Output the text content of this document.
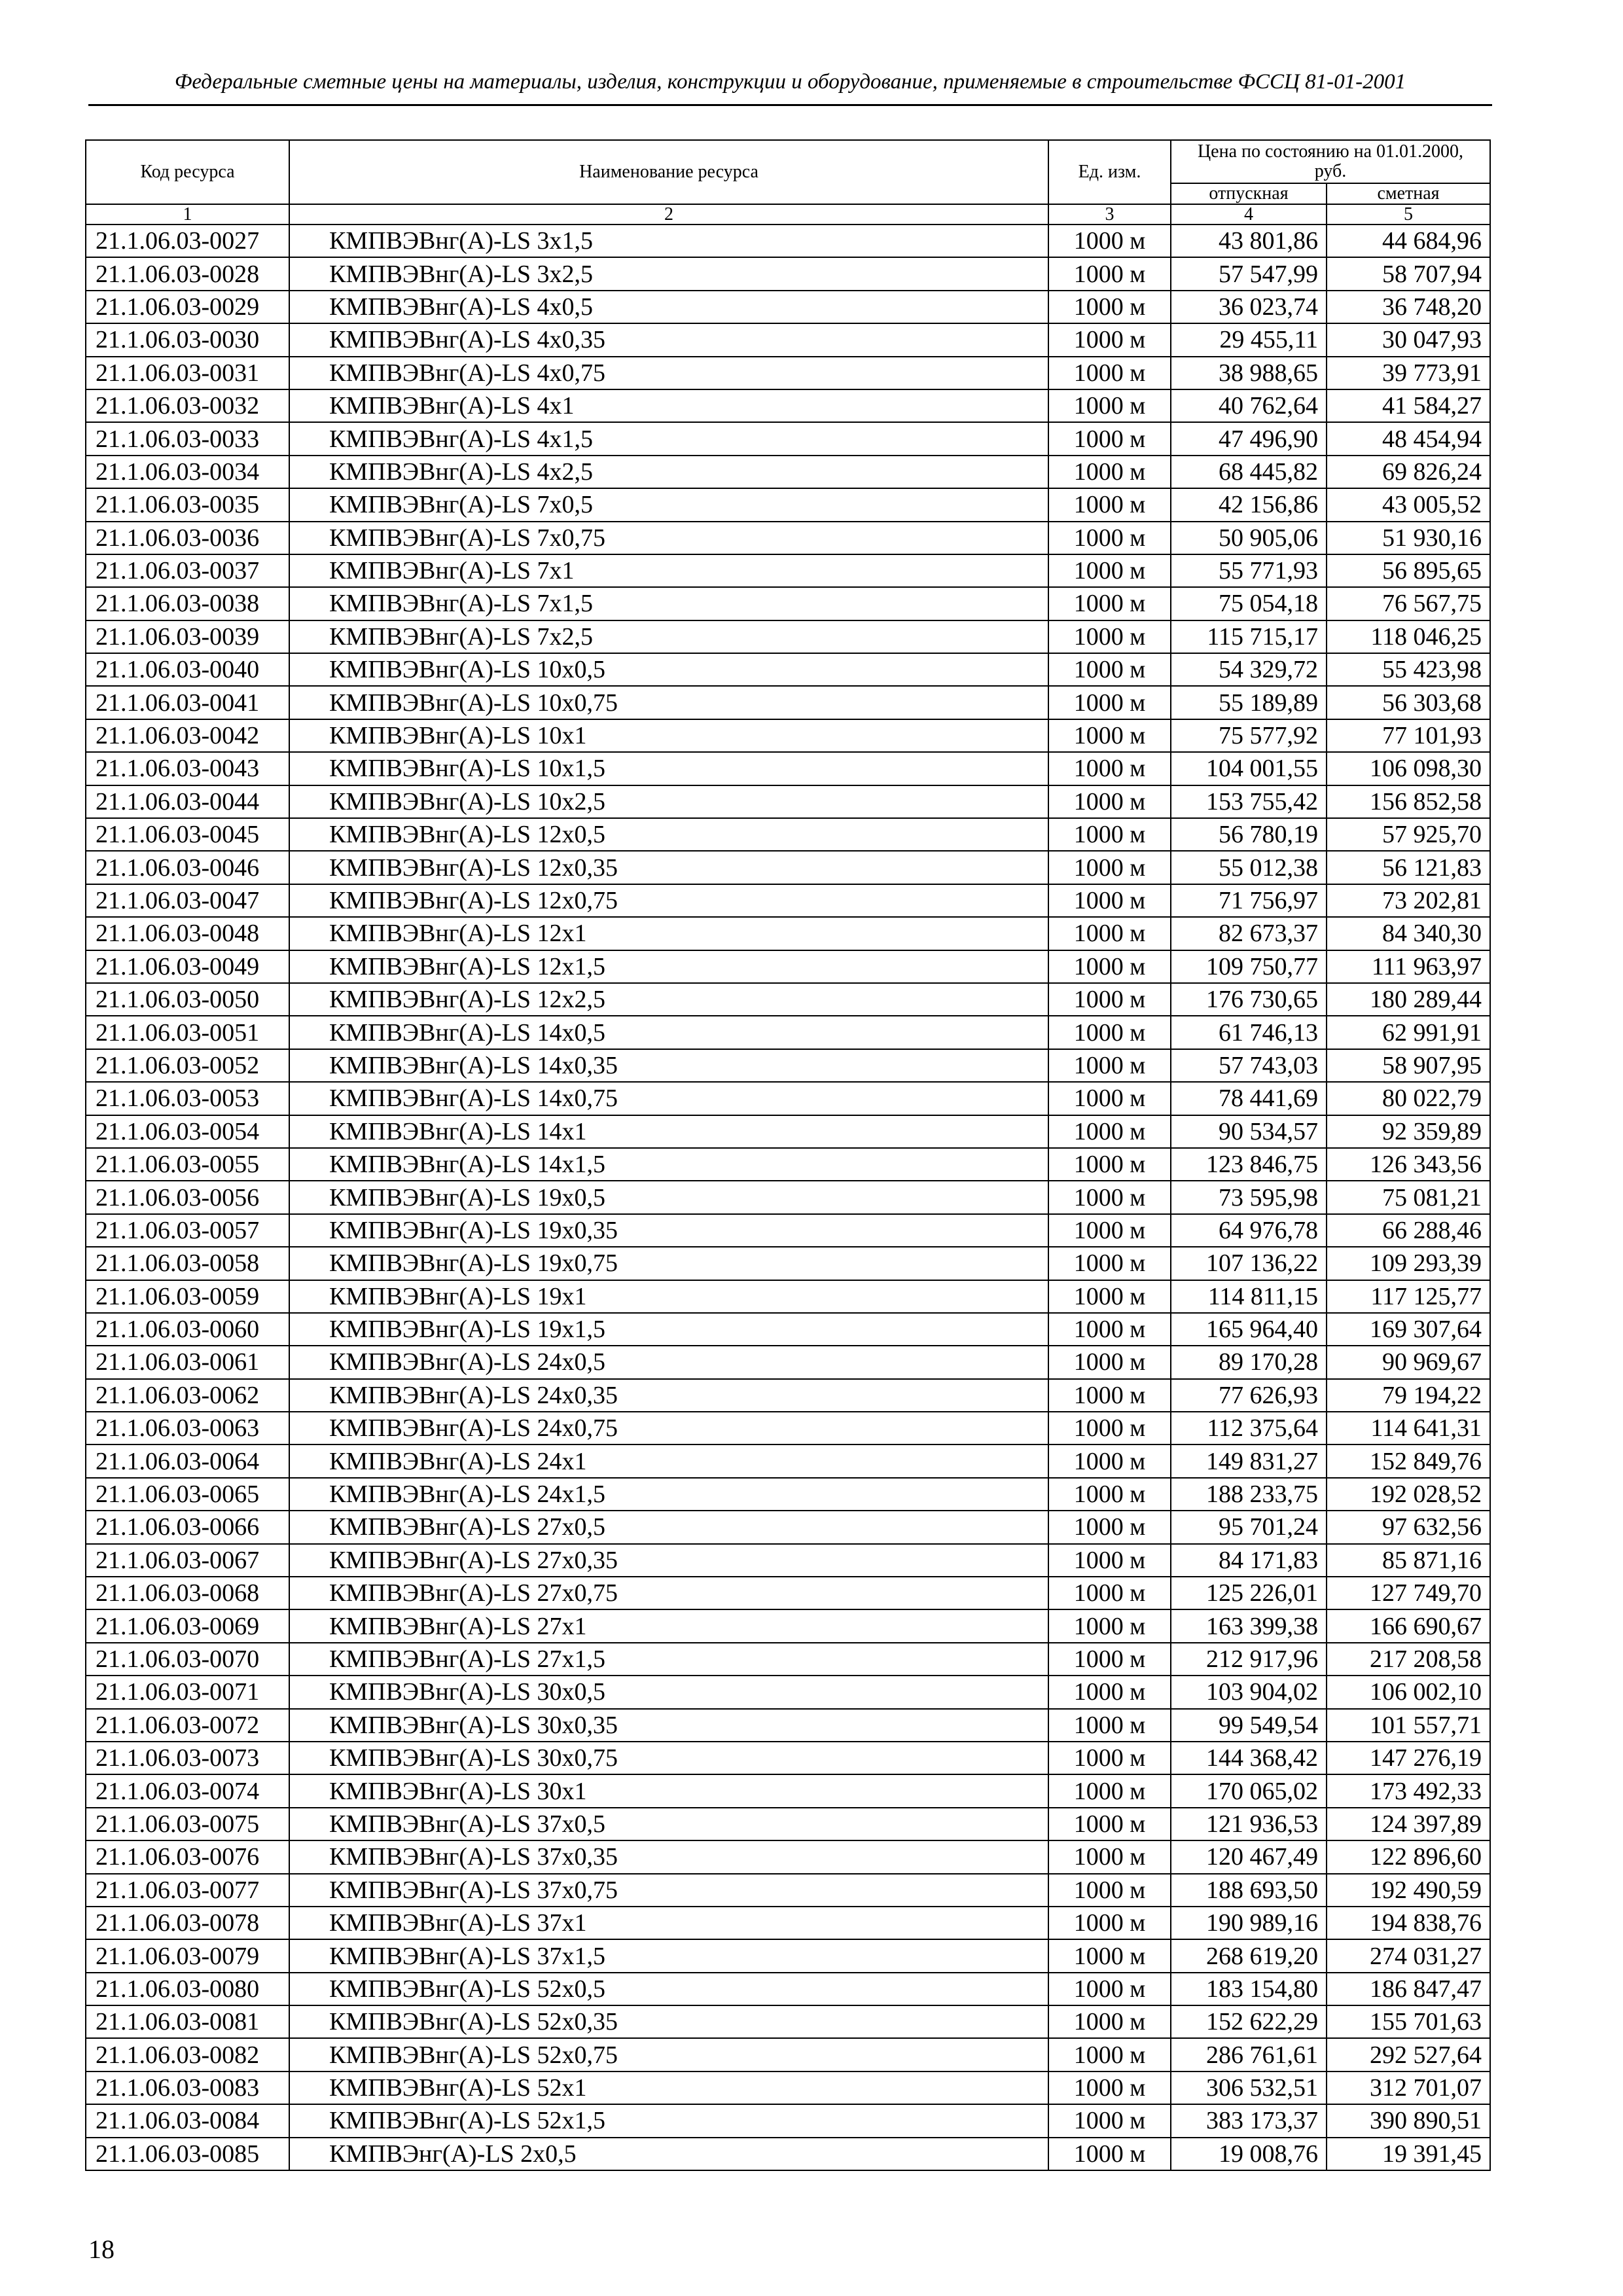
Федеральные сметные цены на материалы, изделия, конструкции и оборудование, применяемые в строительстве ФССЦ 81-01-2001
Код ресурса	Наименование ресурса	Ед. изм.	Цена по состоянию на 01.01.2000, руб.	
			отпускная	сметная
1	2	3	4	5
21.1.06.03-0027	КМПВЭВнг(A)-LS 3х1,5	1000 м	43 801,86	44 684,96
21.1.06.03-0028	КМПВЭВнг(A)-LS 3х2,5	1000 м	57 547,99	58 707,94
21.1.06.03-0029	КМПВЭВнг(A)-LS 4х0,5	1000 м	36 023,74	36 748,20
21.1.06.03-0030	КМПВЭВнг(A)-LS 4х0,35	1000 м	29 455,11	30 047,93
21.1.06.03-0031	КМПВЭВнг(A)-LS 4х0,75	1000 м	38 988,65	39 773,91
21.1.06.03-0032	КМПВЭВнг(A)-LS 4х1	1000 м	40 762,64	41 584,27
21.1.06.03-0033	КМПВЭВнг(A)-LS 4х1,5	1000 м	47 496,90	48 454,94
21.1.06.03-0034	КМПВЭВнг(A)-LS 4х2,5	1000 м	68 445,82	69 826,24
21.1.06.03-0035	КМПВЭВнг(A)-LS 7х0,5	1000 м	42 156,86	43 005,52
21.1.06.03-0036	КМПВЭВнг(A)-LS 7х0,75	1000 м	50 905,06	51 930,16
21.1.06.03-0037	КМПВЭВнг(A)-LS 7х1	1000 м	55 771,93	56 895,65
21.1.06.03-0038	КМПВЭВнг(A)-LS 7х1,5	1000 м	75 054,18	76 567,75
21.1.06.03-0039	КМПВЭВнг(A)-LS 7х2,5	1000 м	115 715,17	118 046,25
21.1.06.03-0040	КМПВЭВнг(A)-LS 10х0,5	1000 м	54 329,72	55 423,98
21.1.06.03-0041	КМПВЭВнг(A)-LS 10х0,75	1000 м	55 189,89	56 303,68
21.1.06.03-0042	КМПВЭВнг(A)-LS 10х1	1000 м	75 577,92	77 101,93
21.1.06.03-0043	КМПВЭВнг(A)-LS 10х1,5	1000 м	104 001,55	106 098,30
21.1.06.03-0044	КМПВЭВнг(A)-LS 10х2,5	1000 м	153 755,42	156 852,58
21.1.06.03-0045	КМПВЭВнг(A)-LS 12х0,5	1000 м	56 780,19	57 925,70
21.1.06.03-0046	КМПВЭВнг(A)-LS 12х0,35	1000 м	55 012,38	56 121,83
21.1.06.03-0047	КМПВЭВнг(A)-LS 12х0,75	1000 м	71 756,97	73 202,81
21.1.06.03-0048	КМПВЭВнг(A)-LS 12х1	1000 м	82 673,37	84 340,30
21.1.06.03-0049	КМПВЭВнг(A)-LS 12х1,5	1000 м	109 750,77	111 963,97
21.1.06.03-0050	КМПВЭВнг(A)-LS 12х2,5	1000 м	176 730,65	180 289,44
21.1.06.03-0051	КМПВЭВнг(A)-LS 14х0,5	1000 м	61 746,13	62 991,91
21.1.06.03-0052	КМПВЭВнг(A)-LS 14х0,35	1000 м	57 743,03	58 907,95
21.1.06.03-0053	КМПВЭВнг(A)-LS 14х0,75	1000 м	78 441,69	80 022,79
21.1.06.03-0054	КМПВЭВнг(A)-LS 14х1	1000 м	90 534,57	92 359,89
21.1.06.03-0055	КМПВЭВнг(A)-LS 14х1,5	1000 м	123 846,75	126 343,56
21.1.06.03-0056	КМПВЭВнг(A)-LS 19х0,5	1000 м	73 595,98	75 081,21
21.1.06.03-0057	КМПВЭВнг(A)-LS 19х0,35	1000 м	64 976,78	66 288,46
21.1.06.03-0058	КМПВЭВнг(A)-LS 19х0,75	1000 м	107 136,22	109 293,39
21.1.06.03-0059	КМПВЭВнг(A)-LS 19х1	1000 м	114 811,15	117 125,77
21.1.06.03-0060	КМПВЭВнг(A)-LS 19х1,5	1000 м	165 964,40	169 307,64
21.1.06.03-0061	КМПВЭВнг(A)-LS 24х0,5	1000 м	89 170,28	90 969,67
21.1.06.03-0062	КМПВЭВнг(A)-LS 24х0,35	1000 м	77 626,93	79 194,22
21.1.06.03-0063	КМПВЭВнг(A)-LS 24х0,75	1000 м	112 375,64	114 641,31
21.1.06.03-0064	КМПВЭВнг(A)-LS 24х1	1000 м	149 831,27	152 849,76
21.1.06.03-0065	КМПВЭВнг(A)-LS 24х1,5	1000 м	188 233,75	192 028,52
21.1.06.03-0066	КМПВЭВнг(A)-LS 27х0,5	1000 м	95 701,24	97 632,56
21.1.06.03-0067	КМПВЭВнг(A)-LS 27х0,35	1000 м	84 171,83	85 871,16
21.1.06.03-0068	КМПВЭВнг(A)-LS 27х0,75	1000 м	125 226,01	127 749,70
21.1.06.03-0069	КМПВЭВнг(A)-LS 27х1	1000 м	163 399,38	166 690,67
21.1.06.03-0070	КМПВЭВнг(A)-LS 27х1,5	1000 м	212 917,96	217 208,58
21.1.06.03-0071	КМПВЭВнг(A)-LS 30х0,5	1000 м	103 904,02	106 002,10
21.1.06.03-0072	КМПВЭВнг(A)-LS 30х0,35	1000 м	99 549,54	101 557,71
21.1.06.03-0073	КМПВЭВнг(A)-LS 30х0,75	1000 м	144 368,42	147 276,19
21.1.06.03-0074	КМПВЭВнг(A)-LS 30х1	1000 м	170 065,02	173 492,33
21.1.06.03-0075	КМПВЭВнг(A)-LS 37х0,5	1000 м	121 936,53	124 397,89
21.1.06.03-0076	КМПВЭВнг(A)-LS 37х0,35	1000 м	120 467,49	122 896,60
21.1.06.03-0077	КМПВЭВнг(A)-LS 37х0,75	1000 м	188 693,50	192 490,59
21.1.06.03-0078	КМПВЭВнг(A)-LS 37х1	1000 м	190 989,16	194 838,76
21.1.06.03-0079	КМПВЭВнг(A)-LS 37х1,5	1000 м	268 619,20	274 031,27
21.1.06.03-0080	КМПВЭВнг(A)-LS 52х0,5	1000 м	183 154,80	186 847,47
21.1.06.03-0081	КМПВЭВнг(A)-LS 52х0,35	1000 м	152 622,29	155 701,63
21.1.06.03-0082	КМПВЭВнг(A)-LS 52х0,75	1000 м	286 761,61	292 527,64
21.1.06.03-0083	КМПВЭВнг(A)-LS 52х1	1000 м	306 532,51	312 701,07
21.1.06.03-0084	КМПВЭВнг(A)-LS 52х1,5	1000 м	383 173,37	390 890,51
21.1.06.03-0085	КМПВЭнг(A)-LS 2х0,5	1000 м	19 008,76	19 391,45
18
